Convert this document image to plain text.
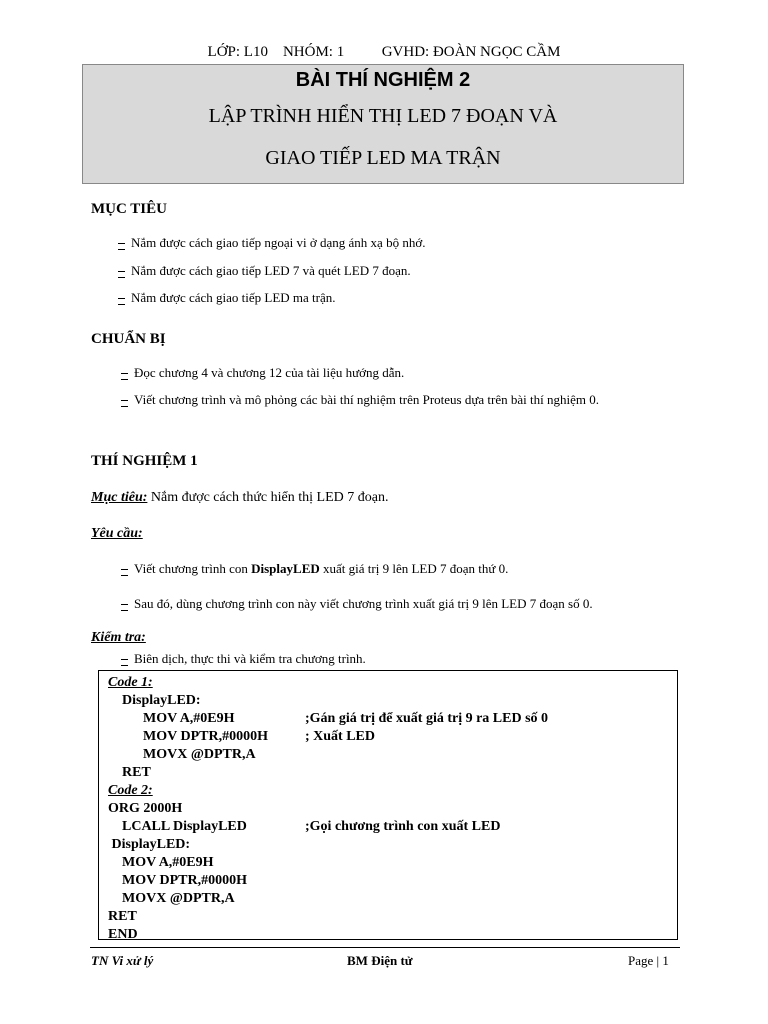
LỚP: L10    NHÓM: 1          GVHD: ĐOÀN NGỌC CẦM
BÀI THÍ NGHIỆM 2
LẬP TRÌNH HIỂN THỊ LED 7 ĐOẠN VÀ
GIAO TIẾP LED MA TRẬN
MỤC TIÊU
Nắm được cách giao tiếp ngoại vi ở dạng ánh xạ bộ nhớ.
Nắm được cách giao tiếp LED 7 và quét LED 7 đoạn.
Nắm được cách giao tiếp LED ma trận.
CHUẨN BỊ
Đọc chương 4 và chương 12 của tài liệu hướng dẫn.
Viết chương trình và mô phỏng các bài thí nghiệm trên Proteus dựa trên bài thí nghiệm 0.
THÍ NGHIỆM 1
Mục tiêu: Nắm được cách thức hiển thị LED 7 đoạn.
Yêu cầu:
Viết chương trình con DisplayLED xuất giá trị 9 lên LED 7 đoạn thứ 0.
Sau đó, dùng chương trình con này viết chương trình xuất giá trị 9 lên LED 7 đoạn số 0.
Kiểm tra:
Biên dịch, thực thi và kiểm tra chương trình.
Code 1:
DisplayLED:
MOV A,#0E9H	;Gán giá trị để xuất giá trị 9 ra LED số 0
MOV DPTR,#0000H	; Xuất LED
MOVX @DPTR,A
RET
Code 2:
ORG 2000H
LCALL DisplayLED	;Gọi chương trình con xuất LED
DisplayLED:
MOV A,#0E9H
MOV DPTR,#0000H
MOVX @DPTR,A
RET
END
TN Vi xử lý	BM Điện tử	Page | 1
